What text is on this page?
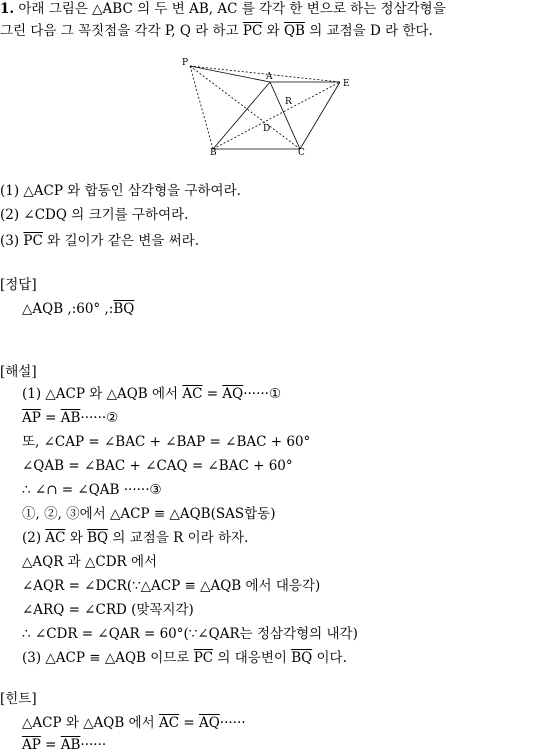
1. 아래 그림은 △ABC 의 두 변 AB, AC 를 각각 한 변으로 하는 정삼각형을
그린 다음 그 꼭짓점을 각각 P, Q 라 하고 $\overline{PC}$ 와 $\overline{QB}$ 의 교점을 D 라 한다.
P
A
E
R
D
B	C
(1) △ACP 와 합동인 삼각형을 구하여라.
(2) ∠CDQ 의 크기를 구하여라.
(3) $\overline{PC}$ 와 길이가 같은 변을 써라.
[정답]
△AQB ,:60° $,:\overline{BQ}$
[해설]
(1) △ACP 와 △AQB 에서 $\overline{AC}$ = $\overline{AQ}\cdot\cdot\cdot\cdot\cdot\cdot ①$
$\overline{AP}$ = $\overline{AB}\cdot\cdot\cdot\cdot\cdot\cdot ②$
또, ∠CAP = ∠BAC + ∠BAP = ∠BAC + 60°
∠QAB = ∠BAC + ∠CAQ = ∠BAC + 60°
∴ ∠∩ = ∠QAB ······③
①, ②, ③에서 △ACP ≡ △AQB(SAS합동)
(2) $\overline{AC}$ 와 $\overline{BQ}$ 의 교점을 R 이라 하자.
△AQR 과 △CDR 에서
∠AQR = ∠DCR(∵△ACP ≡ △AQB 에서 대응각)
∠ARQ = ∠CRD (맞꼭지각)
∴ ∠CDR = ∠QAR = 60°(∵∠QAR는 정삼각형의 내각)
(3) △ACP ≡ △AQB 이므로 $\overline{PC}$ 의 대응변이 $\overline{BQ}$ 이다.
[힌트]
△ACP 와 △AQB 에서 $\overline{AC} = \overline{AQ}\cdot\cdot\cdot\cdot\cdot\cdot$
$\overline{AP} = \overline{AB}\cdot\cdot\cdot\cdot\cdot\cdot$
